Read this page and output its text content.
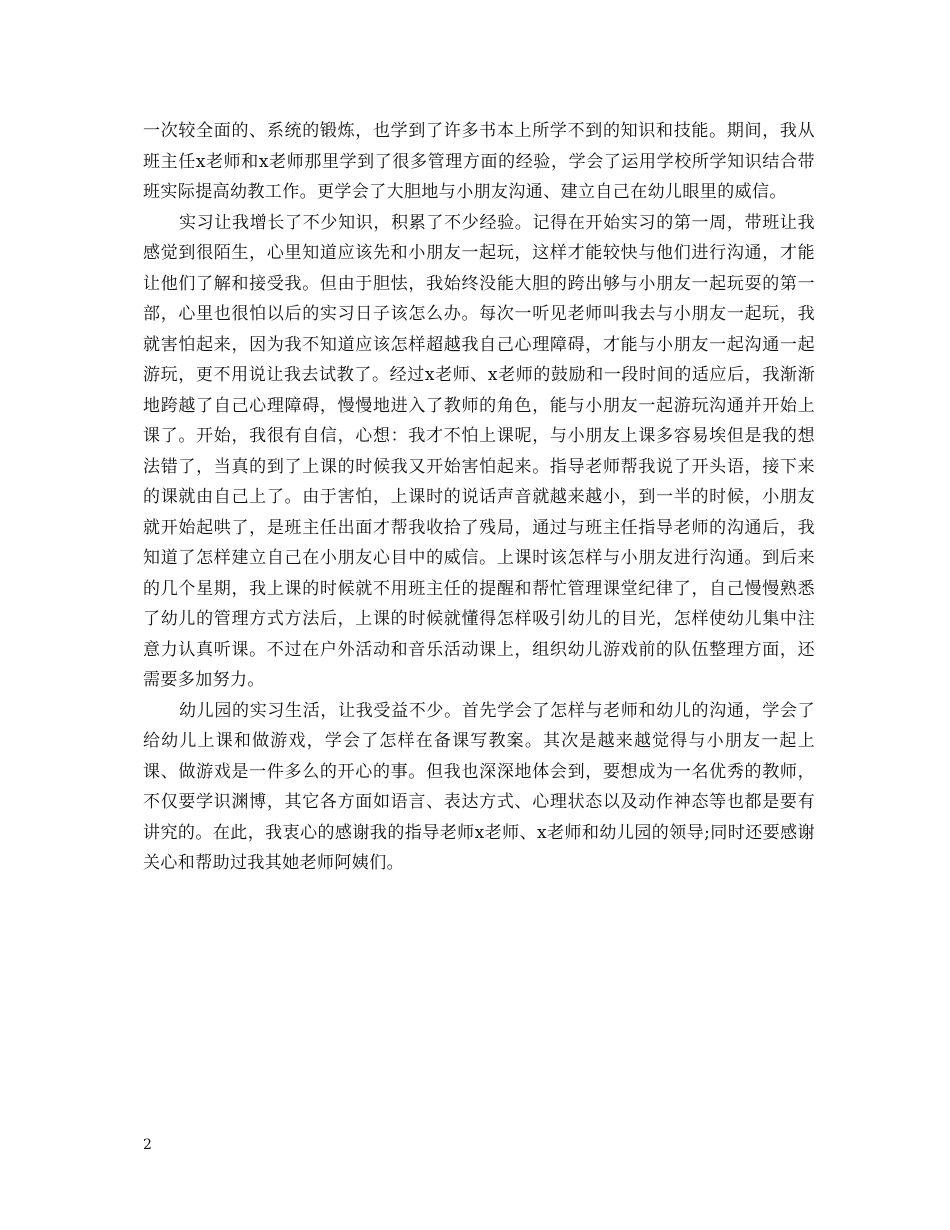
一次较全面的、系统的锻炼，也学到了许多书本上所学不到的知识和技能。期间，我从班主任x老师和x老师那里学到了很多管理方面的经验，学会了运用学校所学知识结合带班实际提高幼教工作。更学会了大胆地与小朋友沟通、建立自己在幼儿眼里的威信。

实习让我增长了不少知识，积累了不少经验。记得在开始实习的第一周，带班让我感觉到很陌生，心里知道应该先和小朋友一起玩，这样才能较快与他们进行沟通，才能让他们了解和接受我。但由于胆怯，我始终没能大胆的跨出够与小朋友一起玩耍的第一部，心里也很怕以后的实习日子该怎么办。每次一听见老师叫我去与小朋友一起玩，我就害怕起来，因为我不知道应该怎样超越我自己心理障碍，才能与小朋友一起沟通一起游玩，更不用说让我去试教了。经过x老师、x老师的鼓励和一段时间的适应后，我渐渐地跨越了自己心理障碍，慢慢地进入了教师的角色，能与小朋友一起游玩沟通并开始上课了。开始，我很有自信，心想：我才不怕上课呢，与小朋友上课多容易埃但是我的想法错了，当真的到了上课的时候我又开始害怕起来。指导老师帮我说了开头语，接下来的课就由自己上了。由于害怕，上课时的说话声音就越来越小，到一半的时候，小朋友就开始起哄了，是班主任出面才帮我收拾了残局，通过与班主任指导老师的沟通后，我知道了怎样建立自己在小朋友心目中的威信。上课时该怎样与小朋友进行沟通。到后来的几个星期，我上课的时候就不用班主任的提醒和帮忙管理课堂纪律了，自己慢慢熟悉了幼儿的管理方式方法后，上课的时候就懂得怎样吸引幼儿的目光，怎样使幼儿集中注意力认真听课。不过在户外活动和音乐活动课上，组织幼儿游戏前的队伍整理方面，还需要多加努力。

幼儿园的实习生活，让我受益不少。首先学会了怎样与老师和幼儿的沟通，学会了给幼儿上课和做游戏，学会了怎样在备课写教案。其次是越来越觉得与小朋友一起上课、做游戏是一件多么的开心的事。但我也深深地体会到，要想成为一名优秀的教师，不仅要学识渊博，其它各方面如语言、表达方式、心理状态以及动作神态等也都是要有讲究的。在此，我衷心的感谢我的指导老师x老师、x老师和幼儿园的领导;同时还要感谢关心和帮助过我其她老师阿姨们。

2
